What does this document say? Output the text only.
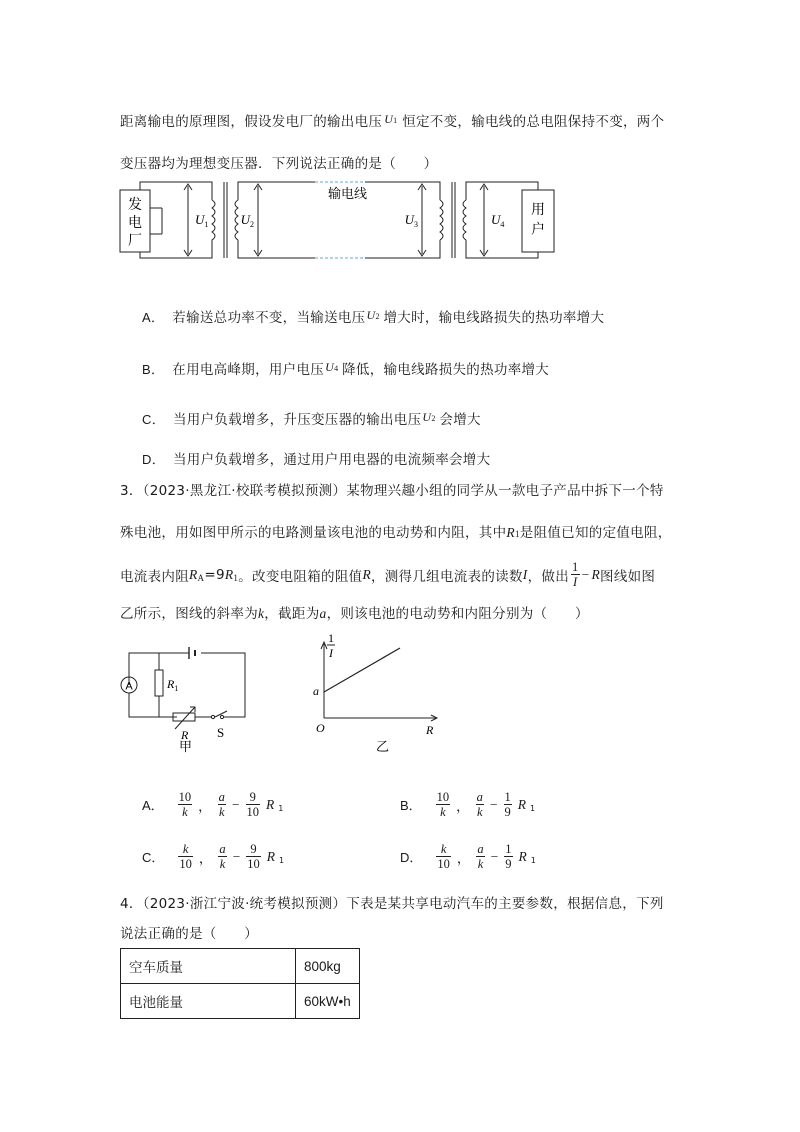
距离输电的原理图，假设发电厂的输出电压 U1 恒定不变，输电线的总电阻保持不变，两个
变压器均为理想变压器．下列说法正确的是（　　）
发
电
厂
$U_1$
输电线
$U_2$	$U_3$	$U_4$
用
户
A． 若输送总功率不变，当输送电压 U2 增大时，输电线路损失的热功率增大
B． 在用电高峰期，用户电压 U4 降低，输电线路损失的热功率增大
C． 当用户负载增多，升压变压器的输出电压 U2 会增大
D． 当用户负载增多，通过用户用电器的电流频率会增大
3．（2023·黑龙江·校联考模拟预测）某物理兴趣小组的同学从一款电子产品中拆下一个特
殊电池，用如图甲所示的电路测量该电池的电动势和内阻，其中R1是阻值已知的定值电阻，
电流表内阻 R A =9 R 1 。改变电阻箱的阻值 R ，测得几组电流表的读数 I ，做出 $\frac{1}{I} - R$ 图线如图
乙所示，图线的斜率为k，截距为a，则该电池的电动势和内阻分别为（　　）
A	$R_1$
R S
甲
1
I
a
O	R
乙
A． $\frac{10}{k}$ ， $\frac{a}{k} - \frac{9}{10}$ R 1	B． $\frac{10}{k}$ ， $\frac{a}{k} - \frac{1}{9}$ R 1
C． $\frac{k}{10}$ ， $\frac{a}{k} - \frac{9}{10}$ R 1	D． $\frac{k}{10}$ ， $\frac{a}{k} - \frac{1}{9}$ R 1
4．（2023·浙江宁波·统考模拟预测）下表是某共享电动汽车的主要参数，根据信息，下列
说法正确的是（　　）
空车质量	800kg
电池能量	60kW•h
